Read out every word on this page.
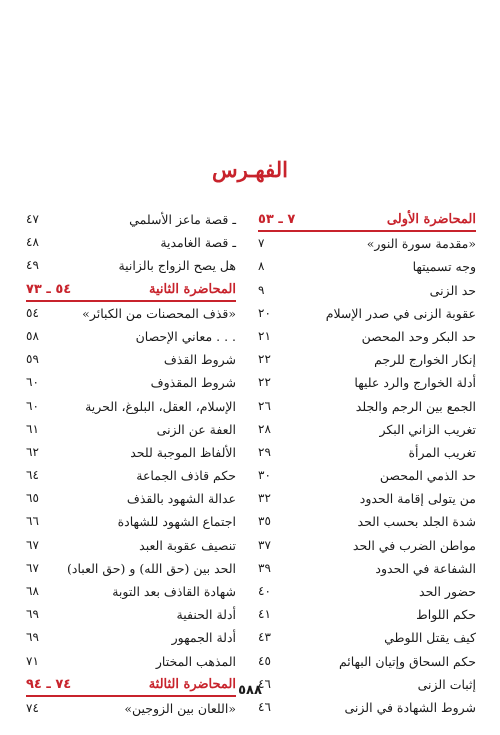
الفهـرس
المحاضرة الأولى
٧ ـ ٥٣
«مقدمة سورة النور»
٧
وجه تسميتها
٨
حد الزنى
٩
عقوبة الزنى في صدر الإسلام
٢٠
حد البكر وحد المحصن
٢١
إنكار الخوارج للرجم
٢٢
أدلة الخوارج والرد عليها
٢٢
الجمع بين الرجم والجلد
٢٦
تغريب الزاني البكر
٢٨
تغريب المرأة
٢٩
حد الذمي المحصن
٣٠
من يتولى إقامة الحدود
٣٢
شدة الجلد بحسب الحد
٣٥
مواطن الضرب في الحد
٣٧
الشفاعة في الحدود
٣٩
حضور الحد
٤٠
حكم اللواط
٤١
كيف يقتل اللوطي
٤٣
حكم السحاق وإتيان البهائم
٤٥
إثبات الزنى
٤٦
شروط الشهادة في الزنى
٤٦
ـ قصة ماعز الأسلمي
٤٧
ـ قصة الغامدية
٤٨
هل يصح الزواج بالزانية
٤٩
المحاضرة الثانية
٥٤ ـ ٧٣
«قذف المحصنات من الكبائر»
٥٤
. . . معاني الإحصان
٥٨
شروط القذف
٥٩
شروط المقذوف
٦٠
الإسلام، العقل، البلوغ، الحرية
٦٠
العفة عن الزنى
٦١
الألفاظ الموجبة للحد
٦٢
حكم قاذف الجماعة
٦٤
عدالة الشهود بالقذف
٦٥
اجتماع الشهود للشهادة
٦٦
تنصيف عقوبة العبد
٦٧
الحد بين (حق الله) و (حق العباد)
٦٧
شهادة القاذف بعد التوبة
٦٨
أدلة الحنفية
٦٩
أدلة الجمهور
٦٩
المذهب المختار
٧١
المحاضرة الثالثة
٧٤ ـ ٩٤
«اللعان بين الزوجين»
٧٤
٥٨٨
